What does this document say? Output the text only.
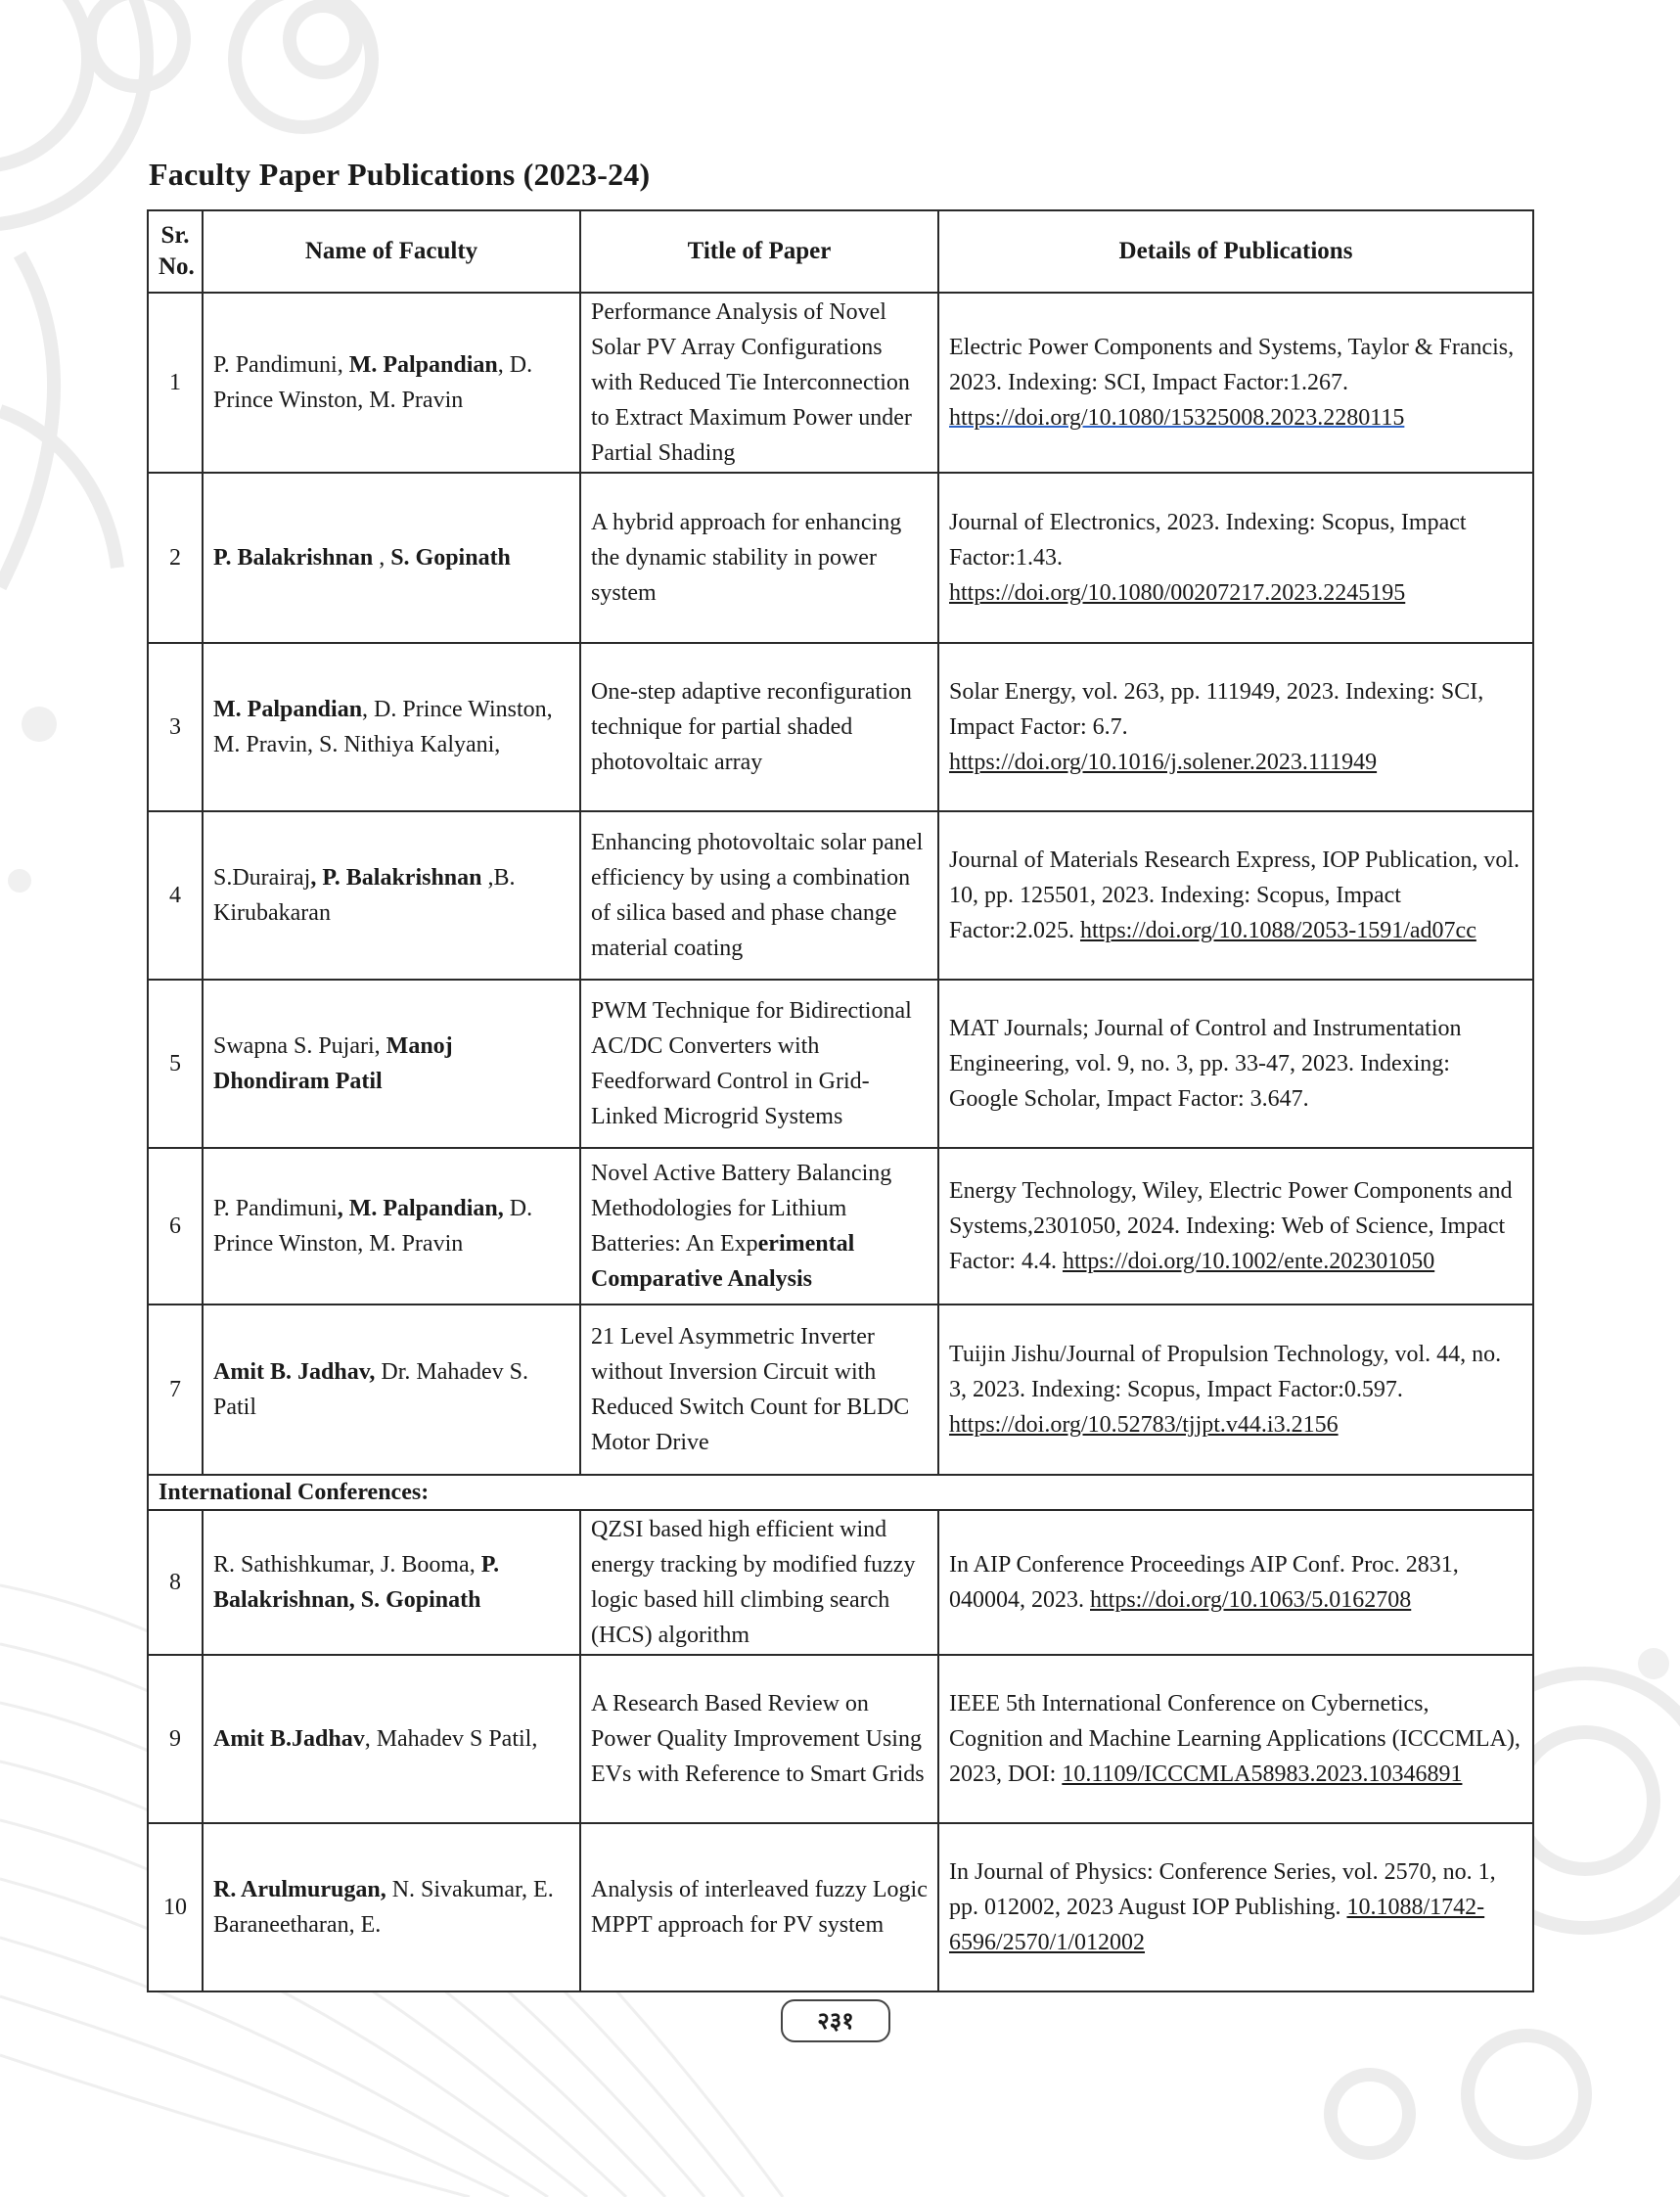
Faculty Paper Publications (2023-24)
Sr. No.	Name of Faculty	Title of Paper	Details of Publications
1	P. Pandimuni, M. Palpandian, D. Prince Winston, M. Pravin	Performance Analysis of Novel Solar PV Array Configurations with Reduced Tie Interconnection to Extract Maximum Power under Partial Shading	Electric Power Components and Systems, Taylor & Francis, 2023. Indexing: SCI, Impact Factor:1.267. https://doi.org/10.1080/15325008.2023.2280115
2	P. Balakrishnan , S. Gopinath	A hybrid approach for enhancing the dynamic stability in power system	Journal of Electronics, 2023. Indexing: Scopus, Impact Factor:1.43. https://doi.org/10.1080/00207217.2023.2245195
3	M. Palpandian, D. Prince Winston, M. Pravin, S. Nithiya Kalyani,	One-step adaptive reconfiguration technique for partial shaded photovoltaic array	Solar Energy, vol. 263, pp. 111949, 2023. Indexing: SCI, Impact Factor: 6.7. https://doi.org/10.1016/j.solener.2023.111949
4	S.Durairaj, P. Balakrishnan ,B. Kirubakaran	Enhancing photovoltaic solar panel efficiency by using a combination of silica based and phase change material coating	Journal of Materials Research Express, IOP Publication, vol. 10, pp. 125501, 2023. Indexing: Scopus, Impact Factor:2.025. https://doi.org/10.1088/2053-1591/ad07cc
5	Swapna S. Pujari, Manoj Dhondiram Patil	PWM Technique for Bidirectional AC/DC Converters with Feedforward Control in Grid-Linked Microgrid Systems	MAT Journals; Journal of Control and Instrumentation Engineering, vol. 9, no. 3, pp. 33-47, 2023. Indexing: Google Scholar, Impact Factor: 3.647.
6	P. Pandimuni, M. Palpandian, D. Prince Winston, M. Pravin	Novel Active Battery Balancing Methodologies for Lithium Batteries: An Experimental Comparative Analysis	Energy Technology, Wiley, Electric Power Components and Systems,2301050, 2024. Indexing: Web of Science, Impact Factor: 4.4. https://doi.org/10.1002/ente.202301050
7	Amit B. Jadhav, Dr. Mahadev S. Patil	21 Level Asymmetric Inverter without Inversion Circuit with Reduced Switch Count for BLDC Motor Drive	Tuijin Jishu/Journal of Propulsion Technology, vol. 44, no. 3, 2023. Indexing: Scopus, Impact Factor:0.597. https://doi.org/10.52783/tjjpt.v44.i3.2156
International Conferences:			
8	R. Sathishkumar, J. Booma, P. Balakrishnan, S. Gopinath	QZSI based high efficient wind energy tracking by modified fuzzy logic based hill climbing search (HCS) algorithm	In AIP Conference Proceedings AIP Conf. Proc. 2831, 040004, 2023. https://doi.org/10.1063/5.0162708
9	Amit B.Jadhav, Mahadev S Patil,	A Research Based Review on Power Quality Improvement Using EVs with Reference to Smart Grids	IEEE 5th International Conference on Cybernetics, Cognition and Machine Learning Applications (ICCCMLA), 2023, DOI: 10.1109/ICCCMLA58983.2023.10346891
10	R. Arulmurugan, N. Sivakumar, E. Baraneetharan, E.	Analysis of interleaved fuzzy Logic MPPT approach for PV system	In Journal of Physics: Conference Series, vol. 2570, no. 1, pp. 012002, 2023 August IOP Publishing. 10.1088/1742-6596/2570/1/012002
२३१
